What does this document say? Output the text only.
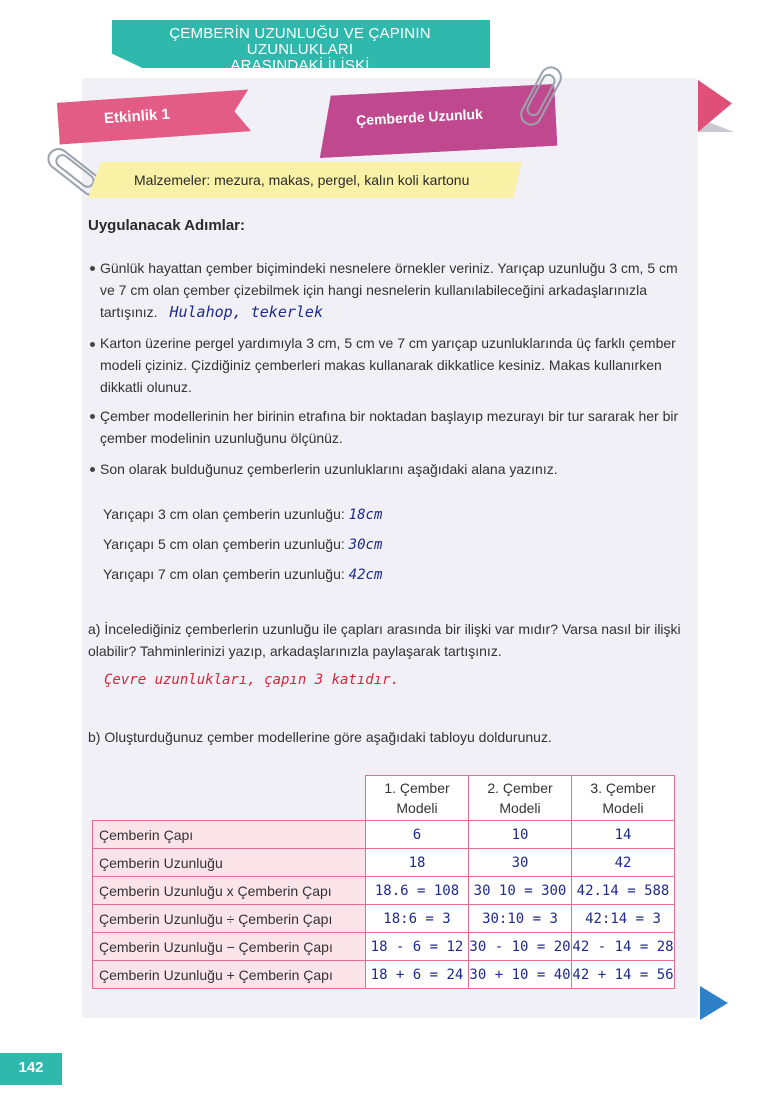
ÇEMBERİN UZUNLUĞU VE ÇAPININ UZUNLUKLARI
ARASINDAKİ İLİŞKİ
Etkinlik 1	Çemberde Uzunluk
Malzemeler: mezura, makas, pergel, kalın koli kartonu
Uygulanacak Adımlar:
Günlük hayattan çember biçimindeki nesnelere örnekler veriniz. Yarıçap uzunluğu 3 cm, 5 cm ve 7 cm olan çember çizebilmek için hangi nesnelerin kullanılabileceğini arkadaşlarınızla tartışınız. Hulahop, tekerlek
Karton üzerine pergel yardımıyla 3 cm, 5 cm ve 7 cm yarıçap uzunluklarında üç farklı çember modeli çiziniz. Çizdiğiniz çemberleri makas kullanarak dikkatlice kesiniz. Makas kullanırken dikkatli olunuz.
Çember modellerinin her birinin etrafına bir noktadan başlayıp mezurayı bir tur sararak her bir çember modelinin uzunluğunu ölçünüz.
Son olarak bulduğunuz çemberlerin uzunluklarını aşağıdaki alana yazınız.
Yarıçapı 3 cm olan çemberin uzunluğu: 18cm
Yarıçapı 5 cm olan çemberin uzunluğu: 30cm
Yarıçapı 7 cm olan çemberin uzunluğu: 42cm
a) İncelediğiniz çemberlerin uzunluğu ile çapları arasında bir ilişki var mıdır? Varsa nasıl bir ilişki olabilir? Tahminlerinizi yazıp, arkadaşlarınızla paylaşarak tartışınız.
Çevre uzunlukları, çapın 3 katıdır.
b) Oluşturduğunuz çember modellerine göre aşağıdaki tabloyu doldurunuz.
	1. Çember Modeli	2. Çember Modeli	3. Çember Modeli
Çemberin Çapı	6	10	14
Çemberin Uzunluğu	18	30	42
Çemberin Uzunluğu x Çemberin Çapı	18.6 = 108	30 10 = 300	42.14 = 588
Çemberin Uzunluğu ÷ Çemberin Çapı	18:6 = 3	30:10 = 3	42:14 = 3
Çemberin Uzunluğu − Çemberin Çapı	18 - 6 = 12	30 - 10 = 20	42 - 14 = 28
Çemberin Uzunluğu + Çemberin Çapı	18 + 6 = 24	30 + 10 = 40	42 + 14 = 56
142
